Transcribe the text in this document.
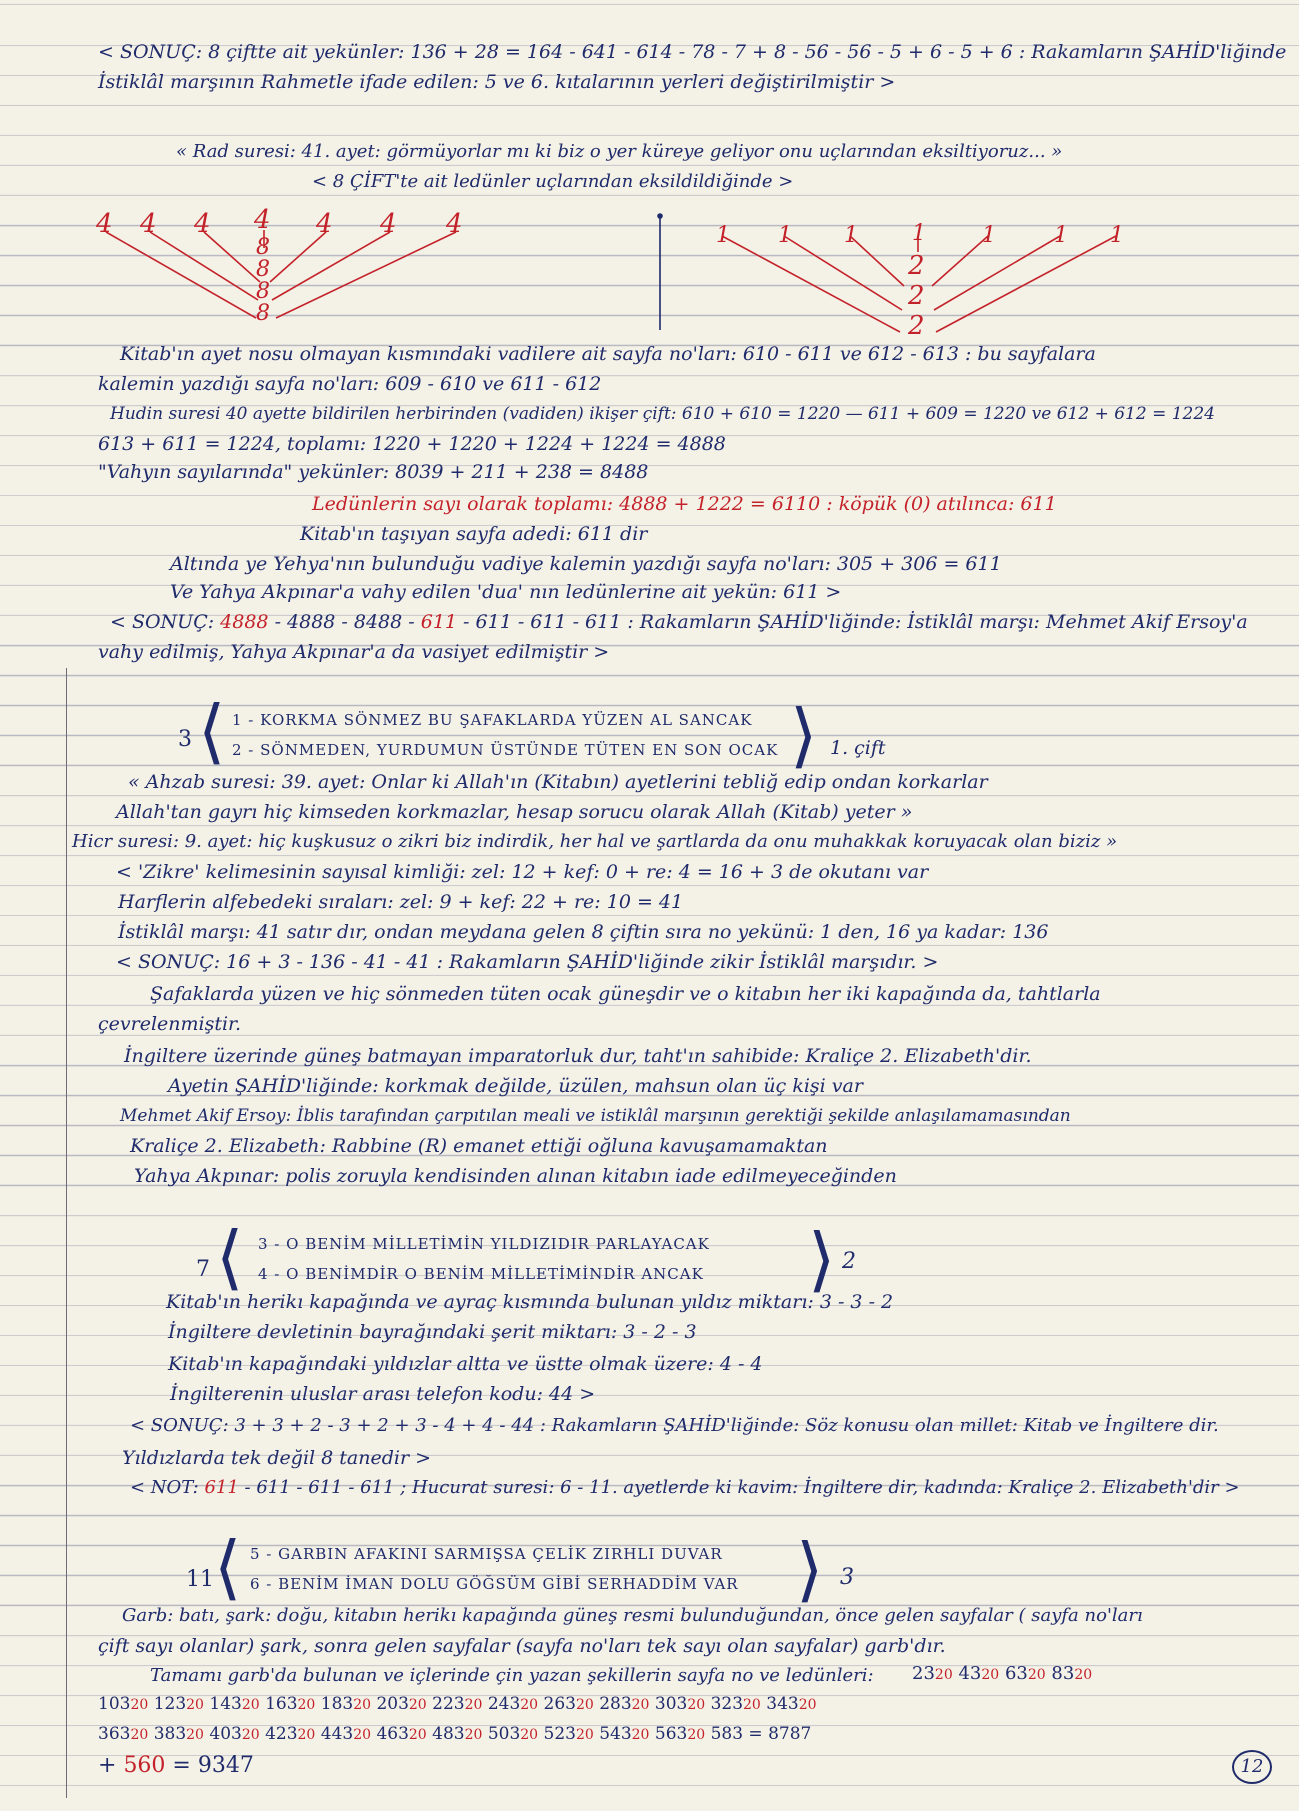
< SONUÇ: 8 çiftte ait yekünler: 136 + 28 = 164 - 641 - 614 - 78 - 7 + 8 - 56 - 56 - 5 + 6 - 5 + 6 : Rakamların ŞAHİD'liğinde
İstiklâl marşının Rahmetle ifade edilen: 5 ve 6. kıtalarının yerleri değiştirilmiştir >
« Rad suresi: 41. ayet: görmüyorlar mı ki biz o yer küreye geliyor onu uçlarından eksiltiyoruz... »
< 8 ÇİFT'te ait ledünler uçlarından eksildildiğinde >
4 4 4 4 4 4 4
8
8
8
8
1 1 1 1	1	1 1
2
2
2
Kitab'ın ayet nosu olmayan kısmındaki vadilere ait sayfa no'ları: 610 - 611 ve 612 - 613 : bu sayfalara
kalemin yazdığı sayfa no'ları: 609 - 610 ve 611 - 612
Hudin suresi 40 ayette bildirilen herbirinden (vadiden) ikişer çift: 610 + 610 = 1220 — 611 + 609 = 1220 ve 612 + 612 = 1224
613 + 611 = 1224, toplamı: 1220 + 1220 + 1224 + 1224 = 4888
"Vahyın sayılarında" yekünler: 8039 + 211 + 238 = 8488
Ledünlerin sayı olarak toplamı: 4888 + 1222 = 6110 : köpük (0) atılınca: 611
Kitab'ın taşıyan sayfa adedi: 611 dir
Altında ye Yehya'nın bulunduğu vadiye kalemin yazdığı sayfa no'ları: 305 + 306 = 611
Ve Yahya Akpınar'a vahy edilen 'dua' nın ledünlerine ait yekün: 611 >
< SONUÇ: 4888 - 4888 - 8488 - 611 - 611 - 611 - 611 : Rakamların ŞAHİD'liğinde: İstiklâl marşı: Mehmet Akif Ersoy'a
vahy edilmiş, Yahya Akpınar'a da vasiyet edilmiştir >
3 ⟨ 1 - KORKMA SÖNMEZ BU ŞAFAKLARDA YÜZEN AL SANCAK
2 - SÖNMEDEN, YURDUMUN ÜSTÜNDE TÜTEN EN SON OCAK ⟩ 1. çift
« Ahzab suresi: 39. ayet: Onlar ki Allah'ın (Kitabın) ayetlerini tebliğ edip ondan korkarlar
Allah'tan gayrı hiç kimseden korkmazlar, hesap sorucu olarak Allah (Kitab) yeter »
Hicr suresi: 9. ayet: hiç kuşkusuz o zikri biz indirdik, her hal ve şartlarda da onu muhakkak koruyacak olan biziz »
< 'Zikre' kelimesinin sayısal kimliği: zel: 12 + kef: 0 + re: 4 = 16 + 3 de okutanı var
Harflerin alfebedeki sıraları: zel: 9 + kef: 22 + re: 10 = 41
İstiklâl marşı: 41 satır dır, ondan meydana gelen 8 çiftin sıra no yekünü: 1 den, 16 ya kadar: 136
< SONUÇ: 16 + 3 - 136 - 41 - 41 : Rakamların ŞAHİD'liğinde zikir İstiklâl marşıdır. >
Şafaklarda yüzen ve hiç sönmeden tüten ocak güneşdir ve o kitabın her iki kapağında da, tahtlarla
çevrelenmiştir.
İngiltere üzerinde güneş batmayan imparatorluk dur, taht'ın sahibide: Kraliçe 2. Elizabeth'dir.
Ayetin ŞAHİD'liğinde: korkmak değilde, üzülen, mahsun olan üç kişi var
Mehmet Akif Ersoy: İblis tarafından çarpıtılan meali ve istiklâl marşının gerektiği şekilde anlaşılamamasından
Kraliçe 2. Elizabeth: Rabbine (R) emanet ettiği oğluna kavuşamamaktan
Yahya Akpınar: polis zoruyla kendisinden alınan kitabın iade edilmeyeceğinden
7 ⟨ 3 - O BENİM MİLLETİMİN YILDIZIDIR PARLAYACAK
4 - O BENİMDİR O BENİM MİLLETİMİNDİR ANCAK ⟩ 2
Kitab'ın herikı kapağında ve ayraç kısmında bulunan yıldız miktarı: 3 - 3 - 2
İngiltere devletinin bayrağındaki şerit miktarı: 3 - 2 - 3
Kitab'ın kapağındaki yıldızlar altta ve üstte olmak üzere: 4 - 4
İngilterenin uluslar arası telefon kodu: 44 >
< SONUÇ: 3 + 3 + 2 - 3 + 2 + 3 - 4 + 4 - 44 : Rakamların ŞAHİD'liğinde: Söz konusu olan millet: Kitab ve İngiltere dir.
Yıldızlarda tek değil 8 tanedir >
< NOT: 611 - 611 - 611 - 611 ; Hucurat suresi: 6 - 11. ayetlerde ki kavim: İngiltere dir, kadında: Kraliçe 2. Elizabeth'dir >
11 ⟨ 5 - GARBIN AFAKINI SARMIŞSA ÇELİK ZIRHLI DUVAR
6 - BENİM İMAN DOLU GÖĞSÜM GİBİ SERHADDİM VAR ⟩ 3
Garb: batı, şark: doğu, kitabın herikı kapağında güneş resmi bulunduğundan, önce gelen sayfalar ( sayfa no'ları
çift sayı olanlar) şark, sonra gelen sayfalar (sayfa no'ları tek sayı olan sayfalar) garb'dır.
Tamamı garb'da bulunan ve içlerinde çin yazan şekillerin sayfa no ve ledünleri: 2320 4320 6320 8320
10320 12320 14320 16320 18320 20320 22320 24320 26320 28320 30320 32320 34320
36320 38320 40320 42320 44320 46320 48320 50320 52320 54320 56320 583 = 8787
+ 560 = 9347	12
